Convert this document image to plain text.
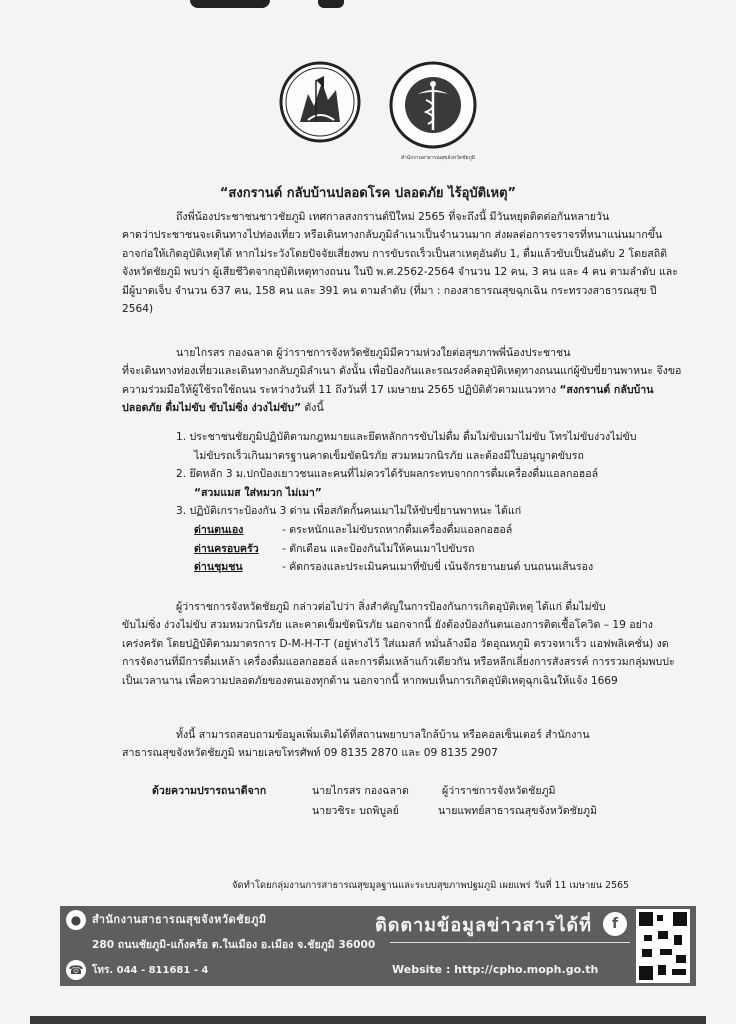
สำนักงานสาธารณสุขจังหวัดชัยภูมิ
“สงกรานต์ กลับบ้านปลอดโรค ปลอดภัย ไร้อุบัติเหตุ”
ถึงพี่น้องประชาชนชาวชัยภูมิ เทศกาลสงกรานต์ปีใหม่ 2565 ที่จะถึงนี้ มีวันหยุดติดต่อกันหลายวัน
คาดว่าประชาชนจะเดินทางไปท่องเที่ยว หรือเดินทางกลับภูมิลำเนาเป็นจำนวนมาก ส่งผลต่อการจราจรที่หนาแน่นมากขึ้น อาจก่อให้เกิดอุบัติเหตุได้ หากไม่ระวังโดยปัจจัยเสี่ยงพบ การขับรถเร็วเป็นสาเหตุอันดับ 1, ดื่มแล้วขับเป็นอันดับ 2 โดยสถิติจังหวัดชัยภูมิ พบว่า ผู้เสียชีวิตจากอุบัติเหตุทางถนน ในปี พ.ศ.2562-2564 จำนวน 12 คน, 3 คน และ 4 คน ตามลำดับ และมีผู้บาดเจ็บ จำนวน 637 คน, 158 คน และ 391 คน ตามลำดับ (ที่มา : กองสาธารณสุขฉุกเฉิน กระทรวงสาธารณสุข ปี 2564)
นายไกรสร กองฉลาด ผู้ว่าราชการจังหวัดชัยภูมิมีความห่วงใยต่อสุขภาพพี่น้องประชาชน
ที่จะเดินทางท่องเที่ยวและเดินทางกลับภูมิลำเนา ดังนั้น เพื่อป้องกันและรณรงค์ลดอุบัติเหตุทางถนนแก่ผู้ขับขี่ยานพาหนะ จึงขอความร่วมมือให้ผู้ใช้รถใช้ถนน ระหว่างวันที่ 11 ถึงวันที่ 17 เมษายน 2565 ปฏิบัติตัวตามแนวทาง “สงกรานต์ กลับบ้านปลอดภัย ดื่มไม่ขับ ขับไม่ซิ่ง ง่วงไม่ขับ” ดังนี้
1. ประชาชนชัยภูมิปฏิบัติตามกฎหมายและยึดหลักการขับไม่ดื่ม ดื่มไม่ขับเมาไม่ขับ โทรไม่ขับง่วงไม่ขับ
ไม่ขับรถเร็วเกินมาตรฐานคาดเข็มขัดนิรภัย สวมหมวกนิรภัย และต้องมีใบอนุญาตขับรถ
2. ยึดหลัก 3 ม.ปกป้องเยาวชนและคนที่ไม่ควรได้รับผลกระทบจากการดื่มเครื่องดื่มแอลกอฮอล์
“สวมแมส ใส่หมวก ไม่เมา”
3. ปฏิบัติเกราะป้องกัน 3 ด่าน เพื่อสกัดกั้นคนเมาไม่ให้ขับขี่ยานพาหนะ ได้แก่
ด่านตนเอง	- ตระหนักและไม่ขับรถหากดื่มเครื่องดื่มแอลกอฮอล์
ด่านครอบครัว	- ตักเตือน และป้องกันไม่ให้คนเมาไปขับรถ
ด่านชุมชน	- คัดกรองและประเมินคนเมาที่ขับขี่ เน้นจักรยานยนต์ บนถนนเส้นรอง
ผู้ว่าราชการจังหวัดชัยภูมิ กล่าวต่อไปว่า สิ่งสำคัญในการป้องกันการเกิดอุบัติเหตุ ได้แก่ ดื่มไม่ขับ
ขับไม่ซิ่ง ง่วงไม่ขับ สวมหมวกนิรภัย และคาดเข็มขัดนิรภัย นอกจากนี้ ยังต้องป้องกันตนเองการติดเชื้อโควิด – 19 อย่างเคร่งครัด โดยปฏิบัติตามมาตรการ D-M-H-T-T (อยู่ห่างไว้ ใส่แมสก์ หมั่นล้างมือ วัดอุณหภูมิ ตรวจหาเร็ว แอฟพลิเคชั่น) งดการจัดงานที่มีการดื่มเหล้า เครื่องดื่มแอลกอฮอล์ และการดื่มเหล้าแก้วเดียวกัน หรือหลีกเลี่ยงการสังสรรค์ การรวมกลุ่มพบปะเป็นเวลานาน เพื่อความปลอดภัยของตนเองทุกด้าน นอกจากนี้ หากพบเห็นการเกิดอุบัติเหตุฉุกเฉินให้แจ้ง 1669
ทั้งนี้ สามารถสอบถามข้อมูลเพิ่มเติมได้ที่สถานพยาบาลใกล้บ้าน หรือคอลเซ็นเตอร์ สำนักงาน
สาธารณสุขจังหวัดชัยภูมิ หมายเลขโทรศัพท์ 09 8135 2870 และ 09 8135 2907
ด้วยความปรารถนาดีจาก	นายไกรสร กองฉลาด	ผู้ว่าราชการจังหวัดชัยภูมิ
นายวชิระ บถพิบูลย์	นายแพทย์สาธารณสุขจังหวัดชัยภูมิ
จัดทำโดยกลุ่มงานการสาธารณสุขมูลฐานและระบบสุขภาพปฐมภูมิ เผยแพร่ วันที่ 11 เมษายน 2565
● สำนักงานสาธารณสุขจังหวัดชัยภูมิ
280 ถนนชัยภูมิ-แก้งคร้อ ต.ในเมือง อ.เมือง จ.ชัยภูมิ 36000
☎ โทร. 044 - 811681 - 4
ติดตามข้อมูลข่าวสารได้ที่	f
Website : http://cpho.moph.go.th
